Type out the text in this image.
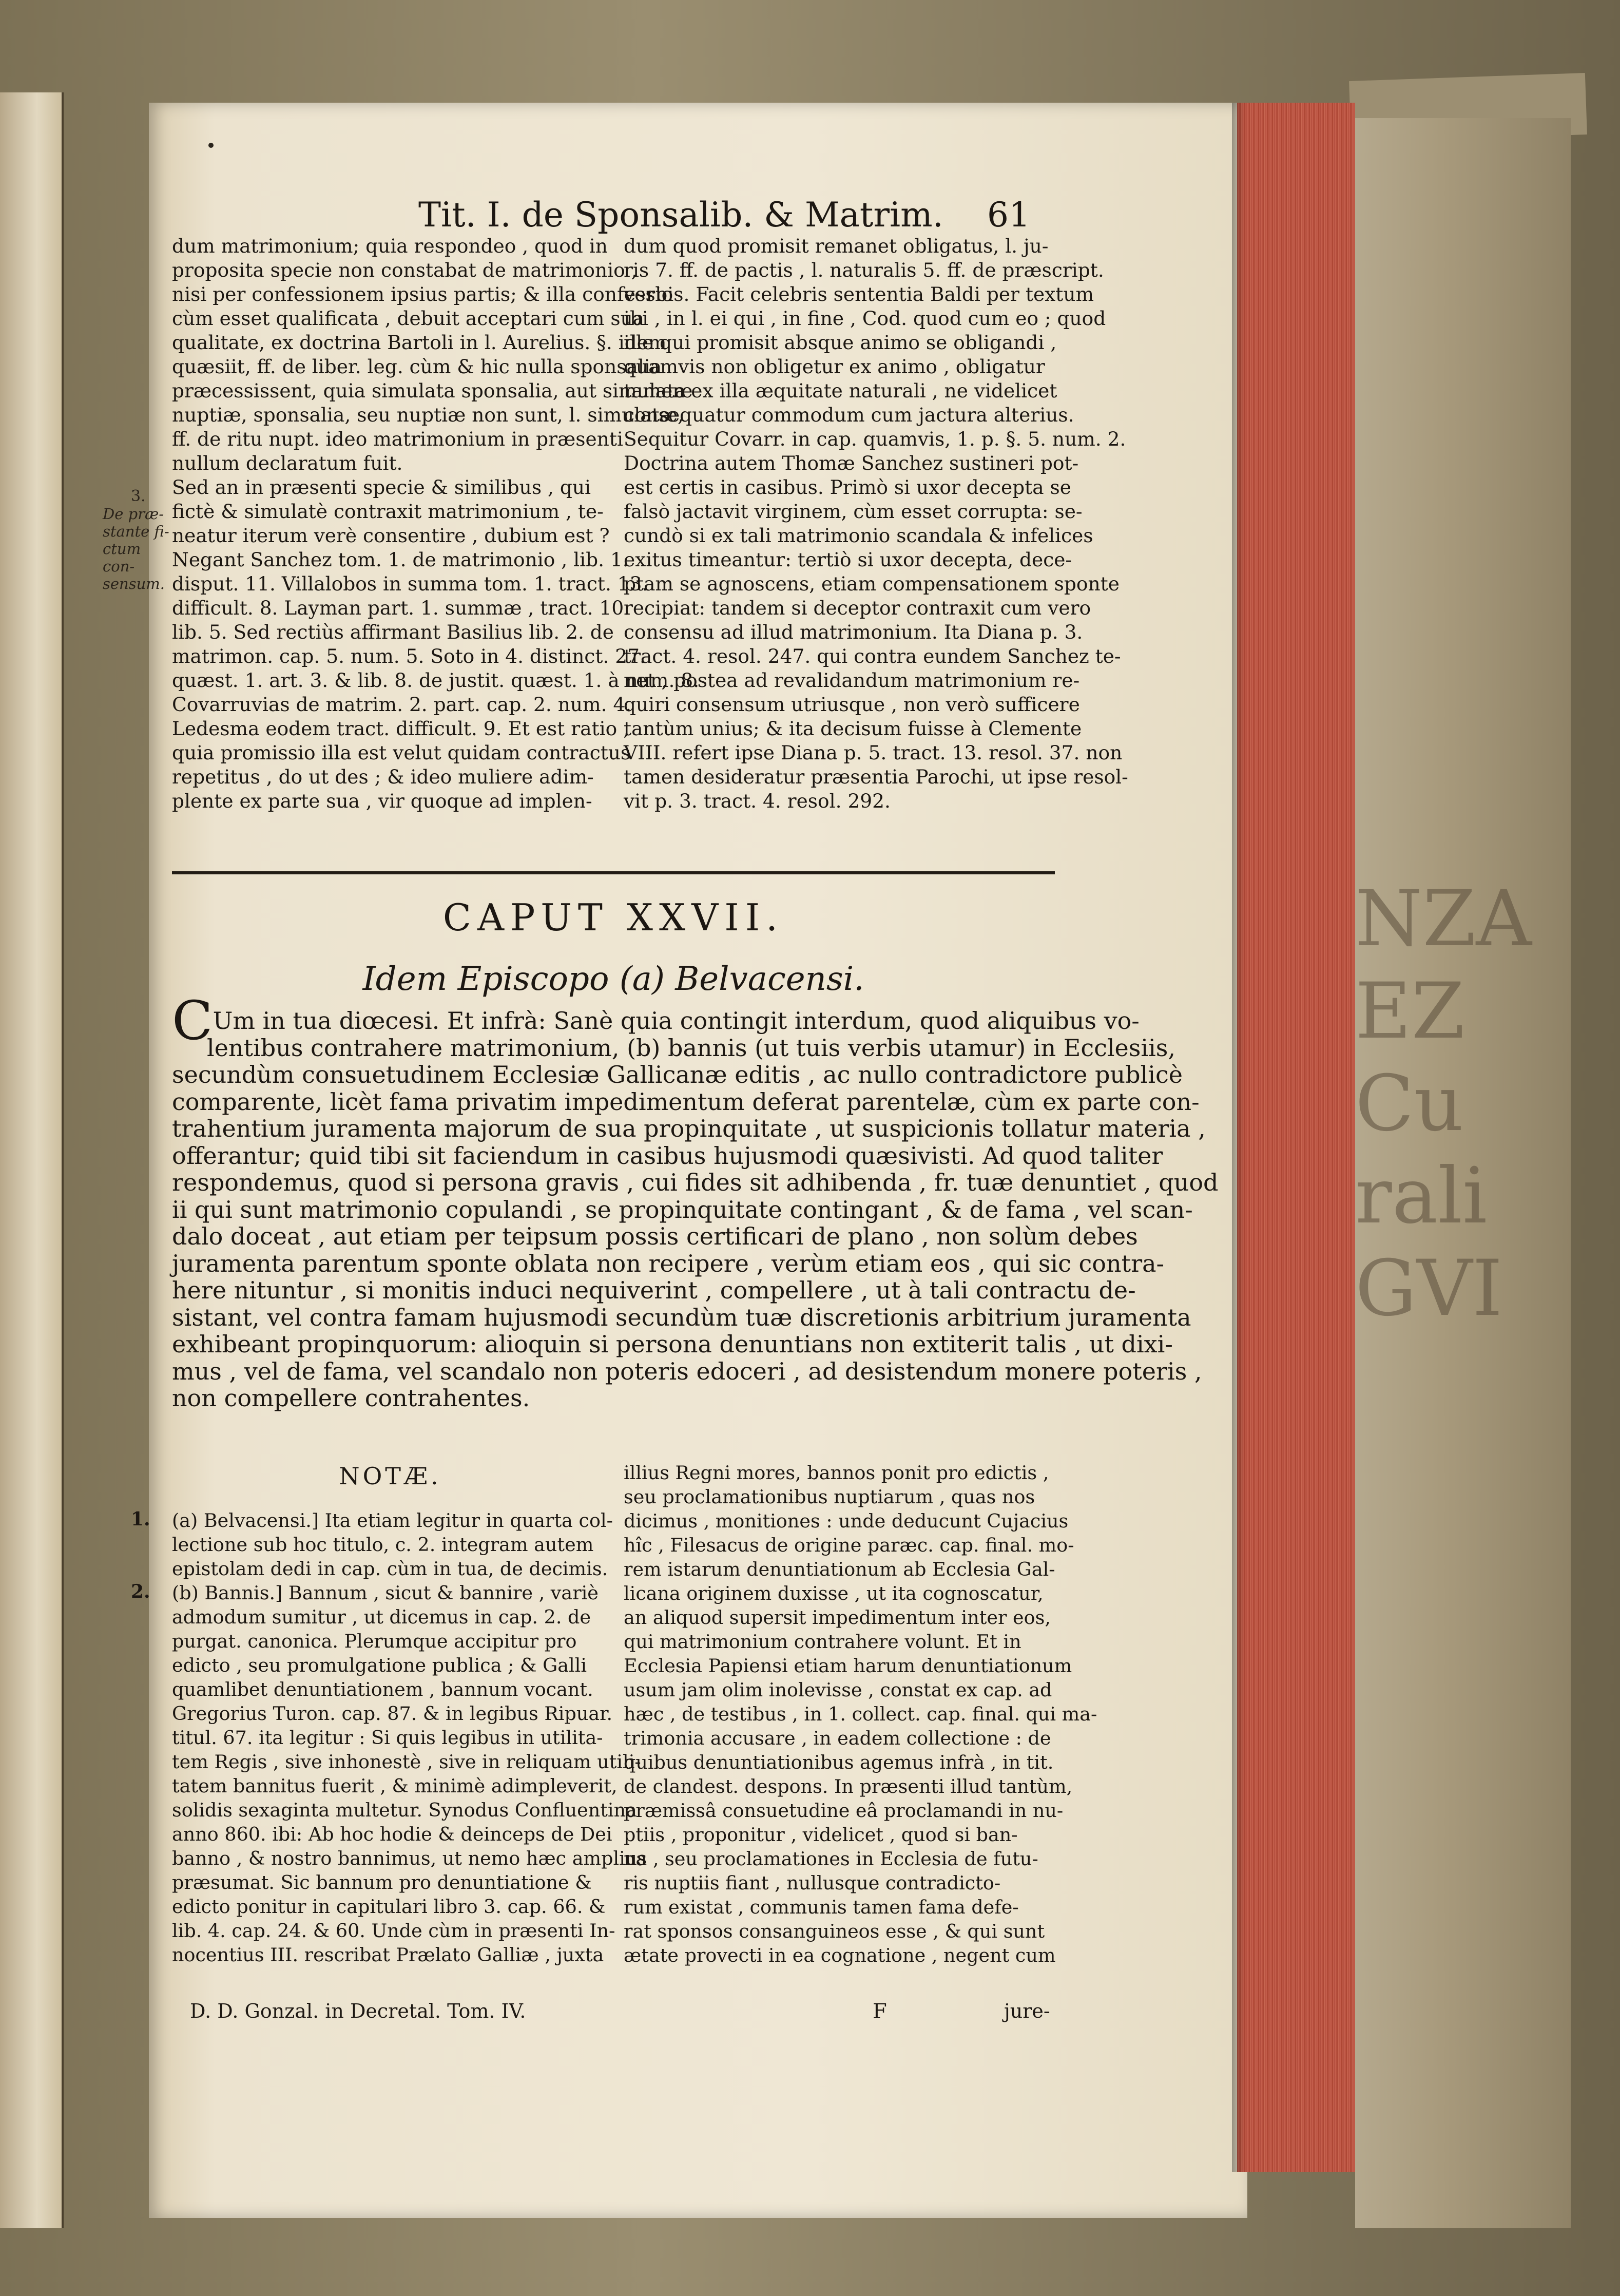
NZA
EZ
Cu
rali
GVI
Tit. I. de Sponsalib. & Matrim. 61
dum matrimonium; quia respondeo , quod in
proposita specie non constabat de matrimonio ,
nisi per confessionem ipsius partis; & illa confessio
cùm esset qualificata , debuit acceptari cum sua
qualitate, ex doctrina Bartoli in l. Aurelius. §. idem
quæsiit, ff. de liber. leg. cùm & hic nulla sponsalia
præcessissent, quia simulata sponsalia, aut simulatæ
nuptiæ, sponsalia, seu nuptiæ non sunt, l. simulatæ,
ff. de ritu nupt. ideo matrimonium in præsenti
nullum declaratum fuit.
Sed an in præsenti specie & similibus , qui
fictè & simulatè contraxit matrimonium , te-
neatur iterum verè consentire , dubium est ?
Negant Sanchez tom. 1. de matrimonio , lib. 1.
disput. 11. Villalobos in summa tom. 1. tract. 13.
difficult. 8. Layman part. 1. summæ , tract. 10.
lib. 5. Sed rectiùs affirmant Basilius lib. 2. de
matrimon. cap. 5. num. 5. Soto in 4. distinct. 27.
quæst. 1. art. 3. & lib. 8. de justit. quæst. 1. à num. 8.
Covarruvias de matrim. 2. part. cap. 2. num. 4.
Ledesma eodem tract. difficult. 9. Et est ratio ,
quia promissio illa est velut quidam contractus
repetitus , do ut des ; & ideo muliere adim-
plente ex parte sua , vir quoque ad implen-
dum quod promisit remanet obligatus, l. ju-
ris 7. ff. de pactis , l. naturalis 5. ff. de præscript.
verbis. Facit celebris sententia Baldi per textum
ibi , in l. ei qui , in fine , Cod. quod cum eo ; quod
ille qui promisit absque animo se obligandi ,
quamvis non obligetur ex animo , obligatur
tamen ex illa æquitate naturali , ne videlicet
consequatur commodum cum jactura alterius.
Sequitur Covarr. in cap. quamvis, 1. p. §. 5. num. 2.
Doctrina autem Thomæ Sanchez sustineri pot-
est certis in casibus. Primò si uxor decepta se
falsò jactavit virginem, cùm esset corrupta: se-
cundò si ex tali matrimonio scandala & infelices
exitus timeantur: tertiò si uxor decepta, dece-
ptam se agnoscens, etiam compensationem sponte
recipiat: tandem si deceptor contraxit cum vero
consensu ad illud matrimonium. Ita Diana p. 3.
tract. 4. resol. 247. qui contra eundem Sanchez te-
net , postea ad revalidandum matrimonium re-
quiri consensum utriusque , non verò sufficere
tantùm unius; & ita decisum fuisse à Clemente
VIII. refert ipse Diana p. 5. tract. 13. resol. 37. non
tamen desideratur præsentia Parochi, ut ipse resol-
vit p. 3. tract. 4. resol. 292.
3.
De præ-
stante fi-
ctum con-
sensum.
CAPUT XXVII.
Idem Episcopo (a) Belvacensi.
CUm in tua diœcesi. Et infrà: Sanè quia contingit interdum, quod aliquibus vo-
lentibus contrahere matrimonium, (b) bannis (ut tuis verbis utamur) in Ecclesiis,
secundùm consuetudinem Ecclesiæ Gallicanæ editis , ac nullo contradictore publicè
comparente, licèt fama privatim impedimentum deferat parentelæ, cùm ex parte con-
trahentium juramenta majorum de sua propinquitate , ut suspicionis tollatur materia ,
offerantur; quid tibi sit faciendum in casibus hujusmodi quæsivisti. Ad quod taliter
respondemus, quod si persona gravis , cui fides sit adhibenda , fr. tuæ denuntiet , quod
ii qui sunt matrimonio copulandi , se propinquitate contingant , & de fama , vel scan-
dalo doceat , aut etiam per teipsum possis certificari de plano , non solùm debes
juramenta parentum sponte oblata non recipere , verùm etiam eos , qui sic contra-
here nituntur , si monitis induci nequiverint , compellere , ut à tali contractu de-
sistant, vel contra famam hujusmodi secundùm tuæ discretionis arbitrium juramenta
exhibeant propinquorum: alioquin si persona denuntians non extiterit talis , ut dixi-
mus , vel de fama, vel scandalo non poteris edoceri , ad desistendum monere poteris ,
non compellere contrahentes.
NOTÆ.
1.
2.
(a) Belvacensi.] Ita etiam legitur in quarta col-
lectione sub hoc titulo, c. 2. integram autem
epistolam dedi in cap. cùm in tua, de decimis.
(b) Bannis.] Bannum , sicut & bannire , variè
admodum sumitur , ut dicemus in cap. 2. de
purgat. canonica. Plerumque accipitur pro
edicto , seu promulgatione publica ; & Galli
quamlibet denuntiationem , bannum vocant.
Gregorius Turon. cap. 87. & in legibus Ripuar.
titul. 67. ita legitur : Si quis legibus in utilita-
tem Regis , sive inhonestè , sive in reliquam utili-
tatem bannitus fuerit , & minimè adimpleverit,
solidis sexaginta multetur. Synodus Confluentina
anno 860. ibi: Ab hoc hodie & deinceps de Dei
banno , & nostro bannimus, ut nemo hæc amplius
præsumat. Sic bannum pro denuntiatione &
edicto ponitur in capitulari libro 3. cap. 66. &
lib. 4. cap. 24. & 60. Unde cùm in præsenti In-
nocentius III. rescribat Prælato Galliæ , juxta
illius Regni mores, bannos ponit pro edictis ,
seu proclamationibus nuptiarum , quas nos
dicimus , monitiones : unde deducunt Cujacius
hîc , Filesacus de origine paræc. cap. final. mo-
rem istarum denuntiationum ab Ecclesia Gal-
licana originem duxisse , ut ita cognoscatur,
an aliquod supersit impedimentum inter eos,
qui matrimonium contrahere volunt. Et in
Ecclesia Papiensi etiam harum denuntiationum
usum jam olim inolevisse , constat ex cap. ad
hæc , de testibus , in 1. collect. cap. final. qui ma-
trimonia accusare , in eadem collectione : de
quibus denuntiationibus agemus infrà , in tit.
de clandest. despons. In præsenti illud tantùm,
præmissâ consuetudine eâ proclamandi in nu-
ptiis , proponitur , videlicet , quod si ban-
na , seu proclamationes in Ecclesia de futu-
ris nuptiis fiant , nullusque contradicto-
rum existat , communis tamen fama defe-
rat sponsos consanguineos esse , & qui sunt
ætate provecti in ea cognatione , negent cum
D. D. Gonzal. in Decretal. Tom. IV.	F	jure-
